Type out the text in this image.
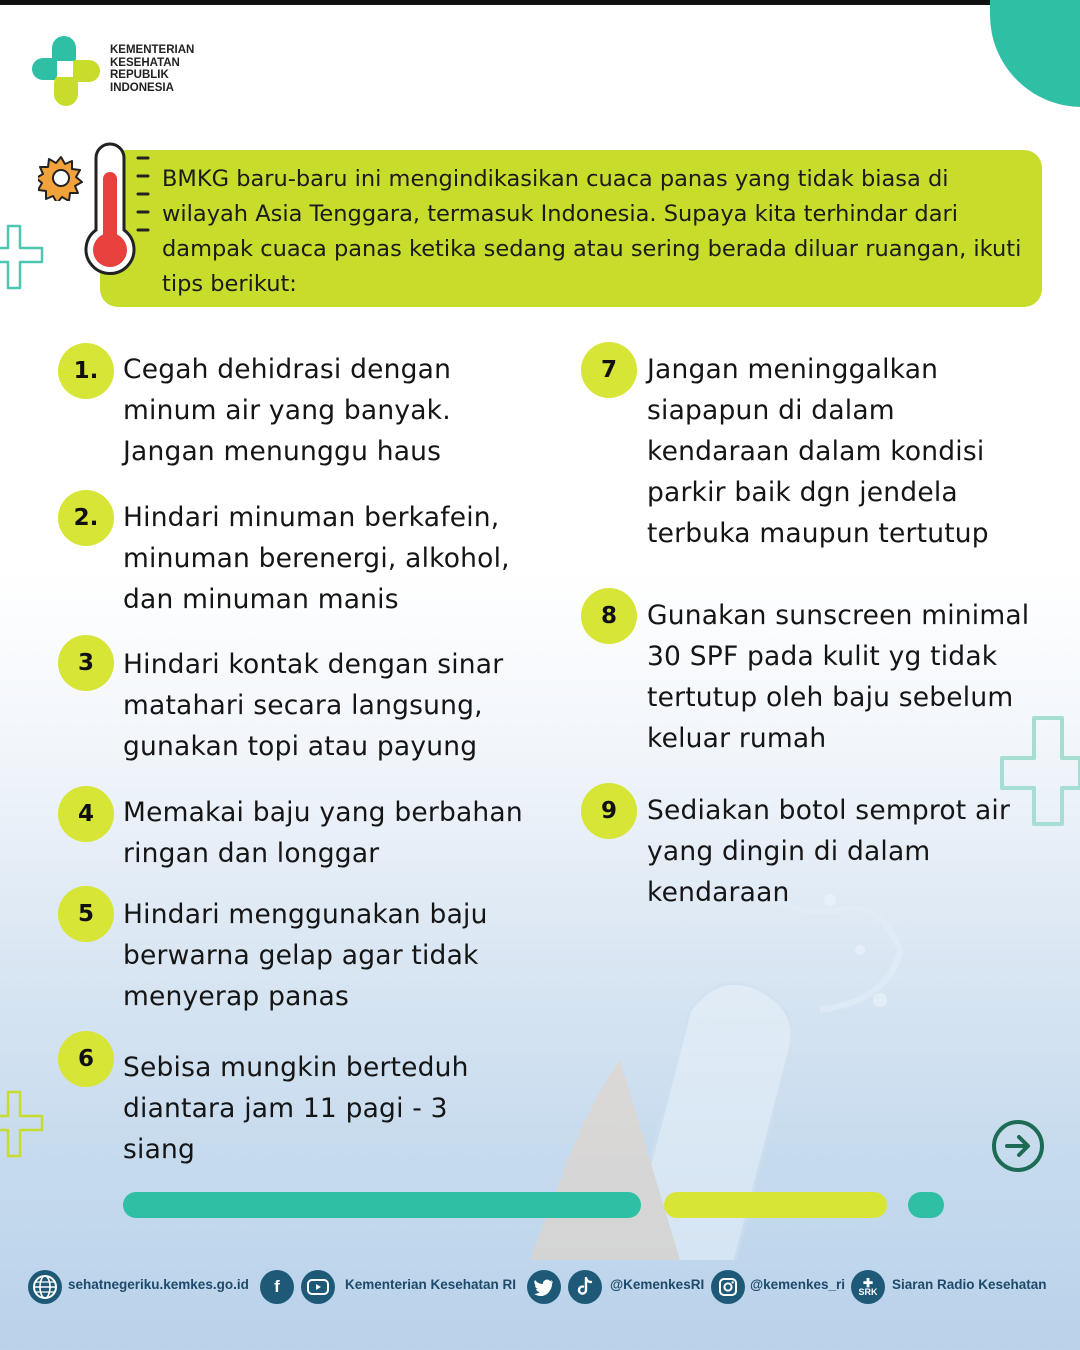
KEMENTERIAN
KESEHATAN
REPUBLIK
INDONESIA
BMKG baru-baru ini mengindikasikan cuaca panas yang tidak biasa di wilayah Asia Tenggara, termasuk Indonesia. Supaya kita terhindar dari dampak cuaca panas ketika sedang atau sering berada diluar ruangan, ikuti tips berikut:
1. Cegah dehidrasi dengan
minum air yang banyak.
Jangan menunggu haus
2. Hindari minuman berkafein,
minuman berenergi, alkohol,
dan minuman manis
3	Hindari kontak dengan sinar
matahari secara langsung,
gunakan topi atau payung
4	Memakai baju yang berbahan
ringan dan longgar
5	Hindari menggunakan baju
berwarna gelap agar tidak
menyerap panas
6	Sebisa mungkin berteduh
diantara jam 11 pagi - 3
siang
7	Jangan meninggalkan
siapapun di dalam
kendaraan dalam kondisi
parkir baik dgn jendela
terbuka maupun tertutup
8	Gunakan sunscreen minimal
30 SPF pada kulit yg tidak
tertutup oleh baju sebelum
keluar rumah
9	Sediakan botol semprot air
yang dingin di dalam
kendaraan
sehatnegeriku.kemkes.go.id	f	Kementerian Kesehatan RI	@KemenkesRI	@kemenkes_ri ✚
SRK Siaran Radio Kesehatan
